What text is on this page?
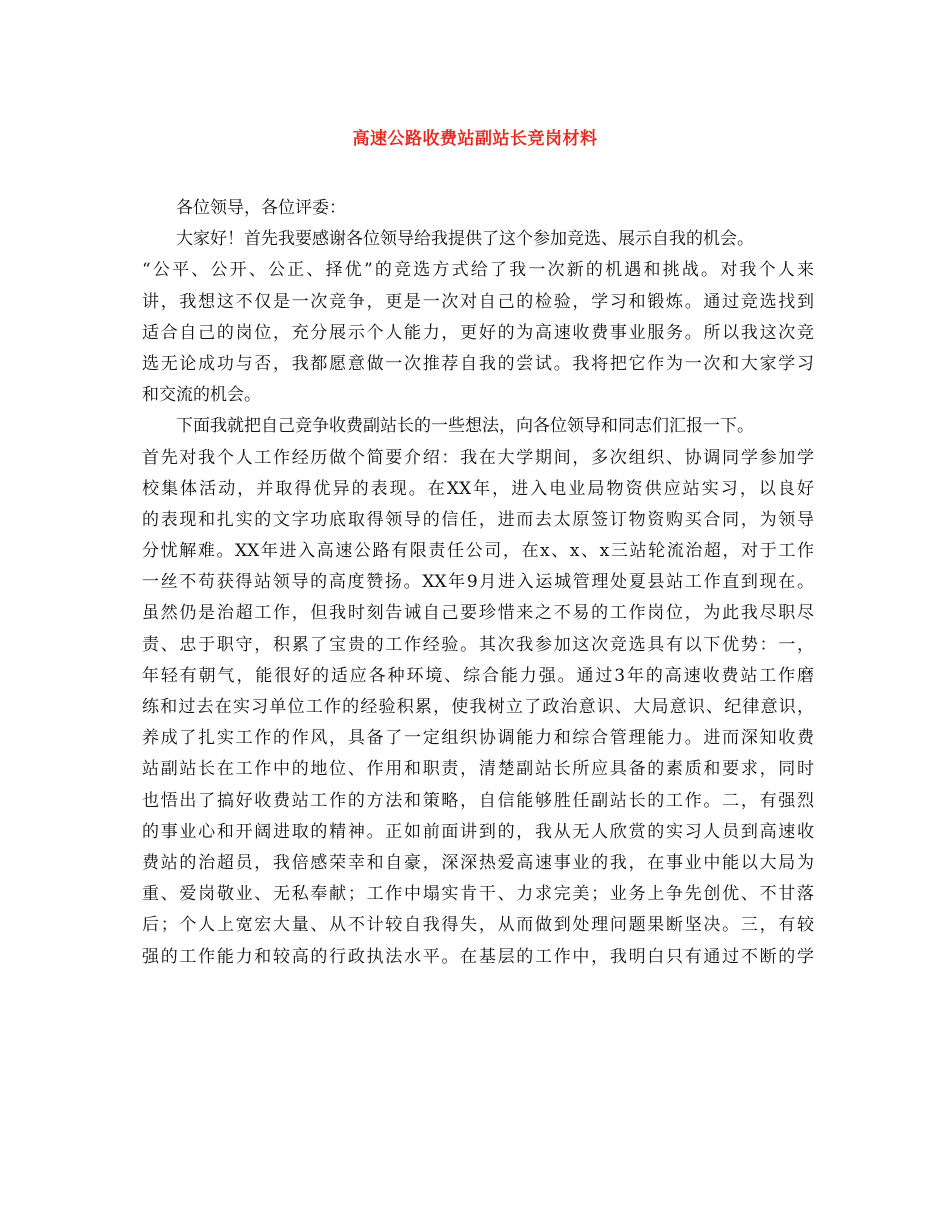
高速公路收费站副站长竞岗材料
各位领导，各位评委：
大家好！首先我要感谢各位领导给我提供了这个参加竞选、展示自我的机会。
“公平、公开、公正、择优”的竞选方式给了我一次新的机遇和挑战。对我个人来
讲，我想这不仅是一次竞争，更是一次对自己的检验，学习和锻炼。通过竞选找到
适合自己的岗位，充分展示个人能力，更好的为高速收费事业服务。所以我这次竞
选无论成功与否，我都愿意做一次推荐自我的尝试。我将把它作为一次和大家学习
和交流的机会。
下面我就把自己竞争收费副站长的一些想法，向各位领导和同志们汇报一下。
首先对我个人工作经历做个简要介绍：我在大学期间，多次组织、协调同学参加学
校集体活动，并取得优异的表现。在XX年，进入电业局物资供应站实习，以良好
的表现和扎实的文字功底取得领导的信任，进而去太原签订物资购买合同，为领导
分忧解难。XX年进入高速公路有限责任公司，在x、x、x三站轮流治超，对于工作
一丝不苟获得站领导的高度赞扬。XX年9月进入运城管理处夏县站工作直到现在。
虽然仍是治超工作，但我时刻告诫自己要珍惜来之不易的工作岗位，为此我尽职尽
责、忠于职守，积累了宝贵的工作经验。其次我参加这次竞选具有以下优势：一，
年轻有朝气，能很好的适应各种环境、综合能力强。通过3年的高速收费站工作磨
练和过去在实习单位工作的经验积累，使我树立了政治意识、大局意识、纪律意识，
养成了扎实工作的作风，具备了一定组织协调能力和综合管理能力。进而深知收费
站副站长在工作中的地位、作用和职责，清楚副站长所应具备的素质和要求，同时
也悟出了搞好收费站工作的方法和策略，自信能够胜任副站长的工作。二，有强烈
的事业心和开阔进取的精神。正如前面讲到的，我从无人欣赏的实习人员到高速收
费站的治超员，我倍感荣幸和自豪，深深热爱高速事业的我，在事业中能以大局为
重、爱岗敬业、无私奉献；工作中塌实肯干、力求完美；业务上争先创优、不甘落
后；个人上宽宏大量、从不计较自我得失，从而做到处理问题果断坚决。三，有较
强的工作能力和较高的行政执法水平。在基层的工作中，我明白只有通过不断的学
